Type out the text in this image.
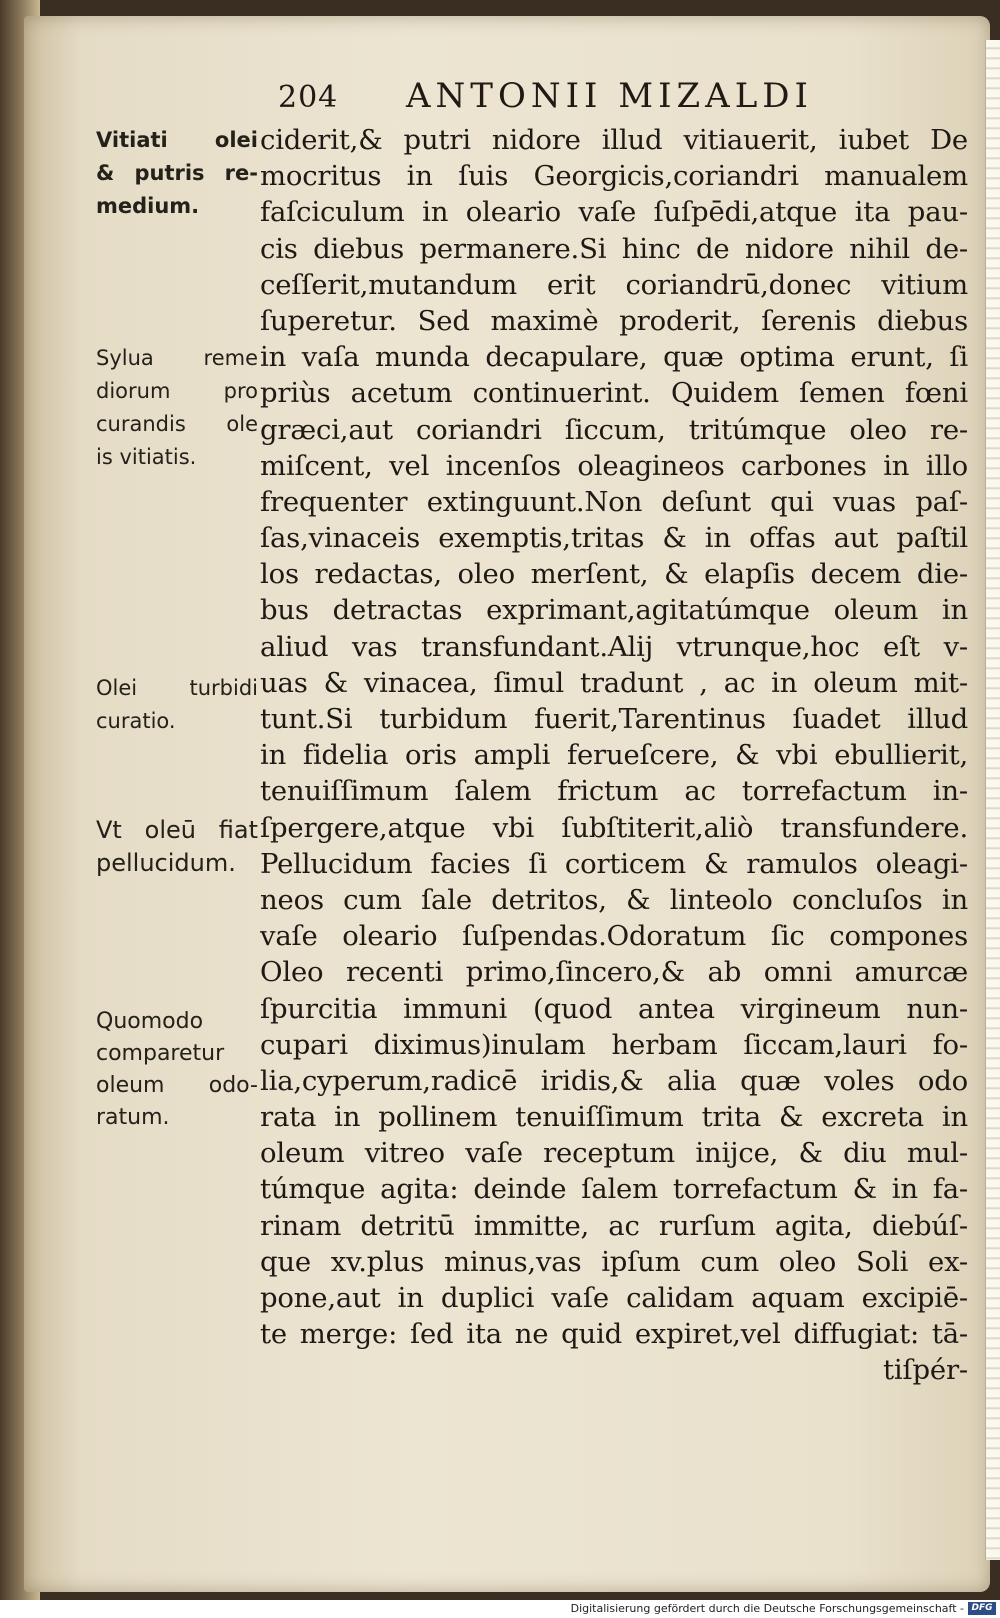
204 ANTONII MIZALDI
Vitiati olei
& putris re-
medium.
Sylua reme
diorum pro
curandis ole
is vitiatis.
Olei turbidi
curatio.
Vt oleū fiat
pellucidum.
Quomodo
comparetur
oleum odo-
ratum.
ciderit,& putri nidore illud vitiauerit, iubet De
mocritus in ſuis Georgicis,coriandri manualem
faſciculum in oleario vaſe ſuſpēdi,atque ita pau-
cis diebus permanere.Si hinc de nidore nihil de-
ceſſerit,mutandum erit coriandrū,donec vitium
ſuperetur. Sed maximè proderit, ſerenis diebus
in vaſa munda decapulare, quæ optima erunt, ſi
priùs acetum continuerint. Quidem ſemen fœni
græci,aut coriandri ſiccum, tritúmque oleo re-
miſcent, vel incenſos oleagineos carbones in illo
frequenter extinguunt.Non deſunt qui vuas paſ-
ſas,vinaceis exemptis,tritas & in offas aut paſtil
los redactas, oleo merſent, & elapſis decem die-
bus detractas exprimant,agitatúmque oleum in
aliud vas transfundant.Alij vtrunque,hoc eſt v-
uas & vinacea, ſimul tradunt , ac in oleum mit-
tunt.Si turbidum fuerit,Tarentinus ſuadet illud
in fidelia oris ampli ferueſcere, & vbi ebullierit,
tenuiſſimum ſalem frictum ac torrefactum in-
ſpergere,atque vbi ſubſtiterit,aliò transfundere.
Pellucidum facies ſi corticem & ramulos oleagi-
neos cum ſale detritos, & linteolo concluſos in
vaſe oleario ſuſpendas.Odoratum ſic compones
Oleo recenti primo,ſincero,& ab omni amurcæ
ſpurcitia immuni (quod antea virgineum nun-
cupari diximus)inulam herbam ſiccam,lauri fo-
lia,cyperum,radicē iridis,& alia quæ voles odo
rata in pollinem tenuiſſimum trita & excreta in
oleum vitreo vaſe receptum inijce, & diu mul-
túmque agita: deinde ſalem torrefactum & in fa-
rinam detritū immitte, ac rurſum agita, diebúſ-
que xv.plus minus,vas ipſum cum oleo Soli ex-
pone,aut in duplici vaſe calidam aquam excipiē-
te merge: ſed ita ne quid expiret,vel diffugiat: tā-
tiſpér-
Digitalisierung gefördert durch die Deutsche Forschungsgemeinschaft - DFG
